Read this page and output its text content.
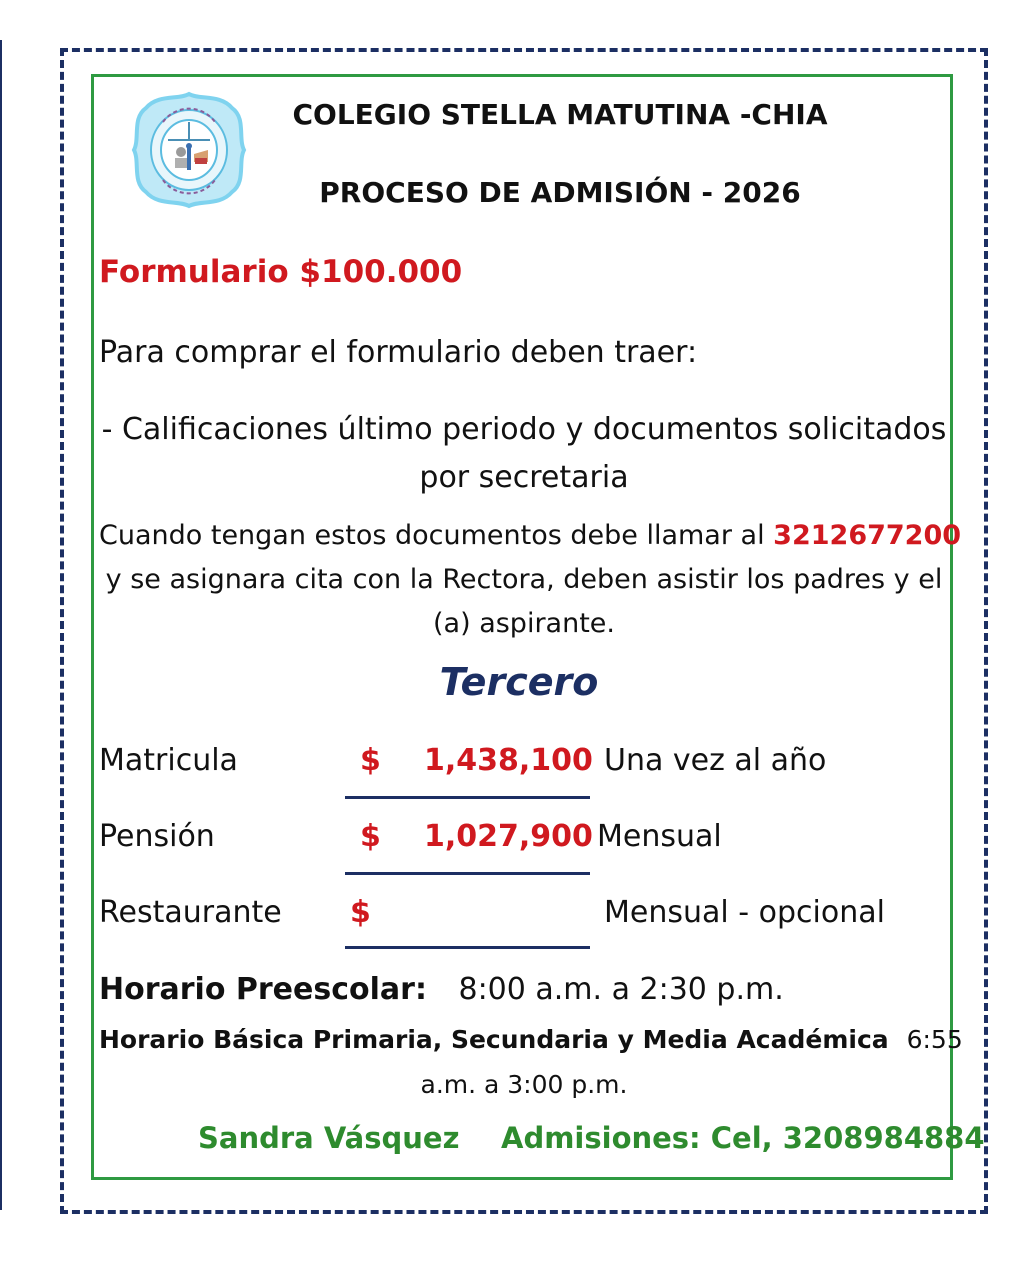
COLEGIO STELLA MATUTINA -CHIA
PROCESO DE ADMISIÓN - 2026
Formulario $100.000
Para comprar el formulario deben traer:
- Calificaciones último periodo y documentos solicitados
por secretaria
Cuando tengan estos documentos debe llamar al 3212677200
y se asignara cita con la Rectora, deben asistir los padres y el
(a) aspirante.
Tercero
Matricula	$ 1,438,100 Una vez al año
Pensión	$ 1,027,900 Mensual
Restaurante $	Mensual - opcional
Horario Preescolar: 8:00 a.m. a 2:30 p.m.
Horario Básica Primaria, Secundaria y Media Académica 6:55
a.m. a 3:00 p.m.
Sandra Vásquez Admisiones: Cel, 3208984884
